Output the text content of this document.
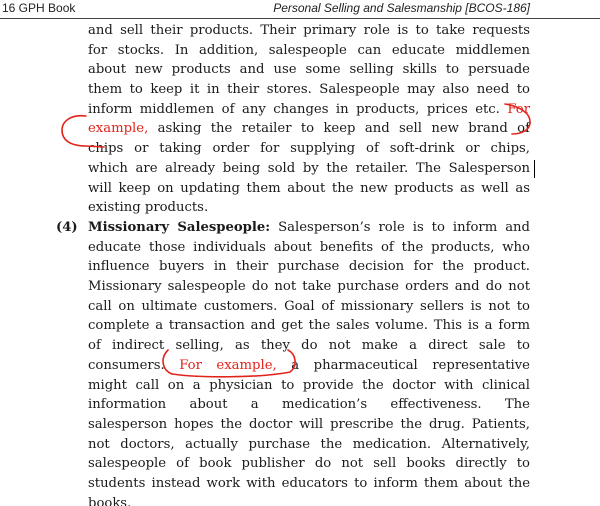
16 GPH Book	Personal Selling and Salesmanship [BCOS-186]
and sell their products. Their primary role is to take requests
for stocks. In addition, salespeople can educate middlemen
about new products and use some selling skills to persuade
them to keep it in their stores. Salespeople may also need to
inform middlemen of any changes in products, prices etc. For
example, asking the retailer to keep and sell new brand of
chips or taking order for supplying of soft-drink or chips,
which are already being sold by the retailer. The Salesperson
will keep on updating them about the new products as well as
existing products.
(4) Missionary Salespeople: Salesperson’s role is to inform and
educate those individuals about benefits of the products, who
influence buyers in their purchase decision for the product.
Missionary salespeople do not take purchase orders and do not
call on ultimate customers. Goal of missionary sellers is not to
complete a transaction and get the sales volume. This is a form
of indirect selling, as they do not make a direct sale to
consumers. For example, a pharmaceutical representative
might call on a physician to provide the doctor with clinical
information about a medication’s effectiveness. The
salesperson hopes the doctor will prescribe the drug. Patients,
not doctors, actually purchase the medication. Alternatively,
salespeople of book publisher do not sell books directly to
students instead work with educators to inform them about the
books.
